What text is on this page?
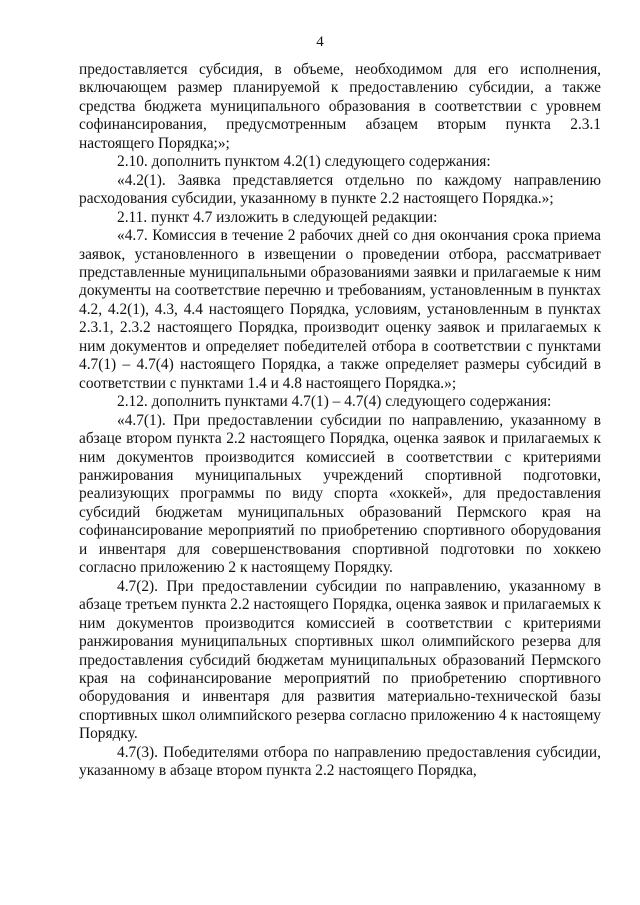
4

предоставляется субсидия, в объеме, необходимом для его исполнения, включающем размер планируемой к предоставлению субсидии, а также средства бюджета муниципального образования в соответствии с уровнем софинансирования, предусмотренным абзацем вторым пункта 2.3.1 настоящего Порядка;»;

2.10. дополнить пунктом 4.2(1) следующего содержания:

«4.2(1). Заявка представляется отдельно по каждому направлению расходования субсидии, указанному в пункте 2.2 настоящего Порядка.»;

2.11. пункт 4.7 изложить в следующей редакции:

«4.7. Комиссия в течение 2 рабочих дней со дня окончания срока приема заявок, установленного в извещении о проведении отбора, рассматривает представленные муниципальными образованиями заявки и прилагаемые к ним документы на соответствие перечню и требованиям, установленным в пунктах 4.2, 4.2(1), 4.3, 4.4 настоящего Порядка, условиям, установленным в пунктах 2.3.1, 2.3.2 настоящего Порядка, производит оценку заявок и прилагаемых к ним документов и определяет победителей отбора в соответствии с пунктами 4.7(1) – 4.7(4) настоящего Порядка, а также определяет размеры субсидий в соответствии с пунктами 1.4 и 4.8 настоящего Порядка.»;

2.12. дополнить пунктами 4.7(1) – 4.7(4) следующего содержания:

«4.7(1). При предоставлении субсидии по направлению, указанному в абзаце втором пункта 2.2 настоящего Порядка, оценка заявок и прилагаемых к ним документов производится комиссией в соответствии с критериями ранжирования муниципальных учреждений спортивной подготовки, реализующих программы по виду спорта «хоккей», для предоставления субсидий бюджетам муниципальных образований Пермского края на софинансирование мероприятий по приобретению спортивного оборудования и инвентаря для совершенствования спортивной подготовки по хоккею согласно приложению 2 к настоящему Порядку.

4.7(2). При предоставлении субсидии по направлению, указанному в абзаце третьем пункта 2.2 настоящего Порядка, оценка заявок и прилагаемых к ним документов производится комиссией в соответствии с критериями ранжирования муниципальных спортивных школ олимпийского резерва для предоставления субсидий бюджетам муниципальных образований Пермского края на софинансирование мероприятий по приобретению спортивного оборудования и инвентаря для развития материально-технической базы спортивных школ олимпийского резерва согласно приложению 4 к настоящему Порядку.

4.7(3). Победителями отбора по направлению предоставления субсидии, указанному в абзаце втором пункта 2.2 настоящего Порядка,
